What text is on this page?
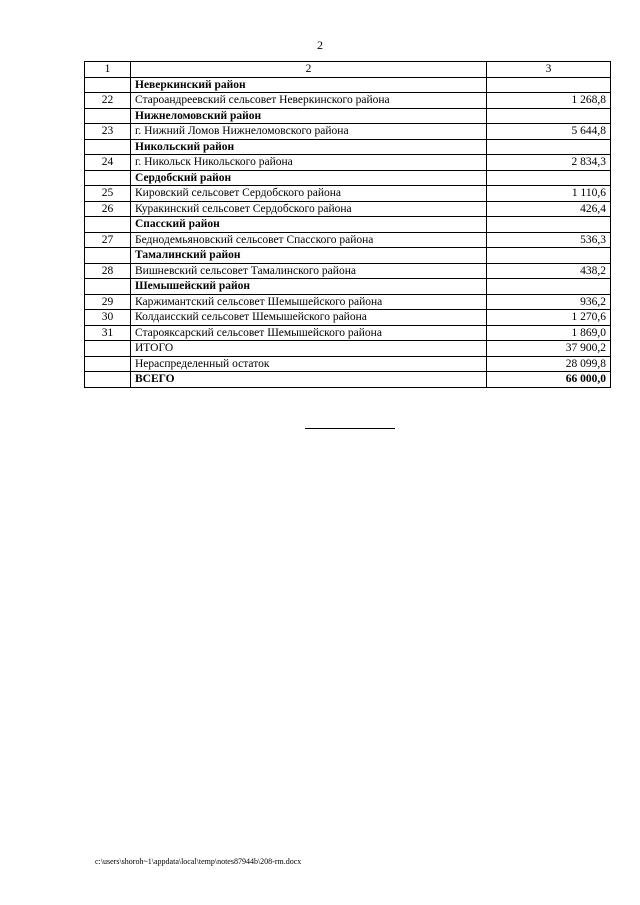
2
1	2	3
	Неверкинский район	
22	Староандреевский сельсовет Неверкинского района	1 268,8
	Нижнеломовский район	
23	г. Нижний Ломов Нижнеломовского района	5 644,8
	Никольский район	
24	г. Никольск Никольского района	2 834,3
	Сердобский район	
25	Кировский сельсовет Сердобского района	1 110,6
26	Куракинский сельсовет Сердобского района	426,4
	Спасский район	
27	Беднодемьяновский сельсовет Спасского района	536,3
	Тамалинский район	
28	Вишневский сельсовет Тамалинского района	438,2
	Шемышейский район	
29	Каржимантский сельсовет Шемышейского района	936,2
30	Колдаисский сельсовет Шемышейского района	1 270,6
31	Старояксарский сельсовет Шемышейского района	1 869,0
	ИТОГО	37 900,2
	Нераспределенный остаток	28 099,8
	ВСЕГО	66 000,0
c:\users\shoroh~1\appdata\local\temp\notes87944b\208-rm.docx
